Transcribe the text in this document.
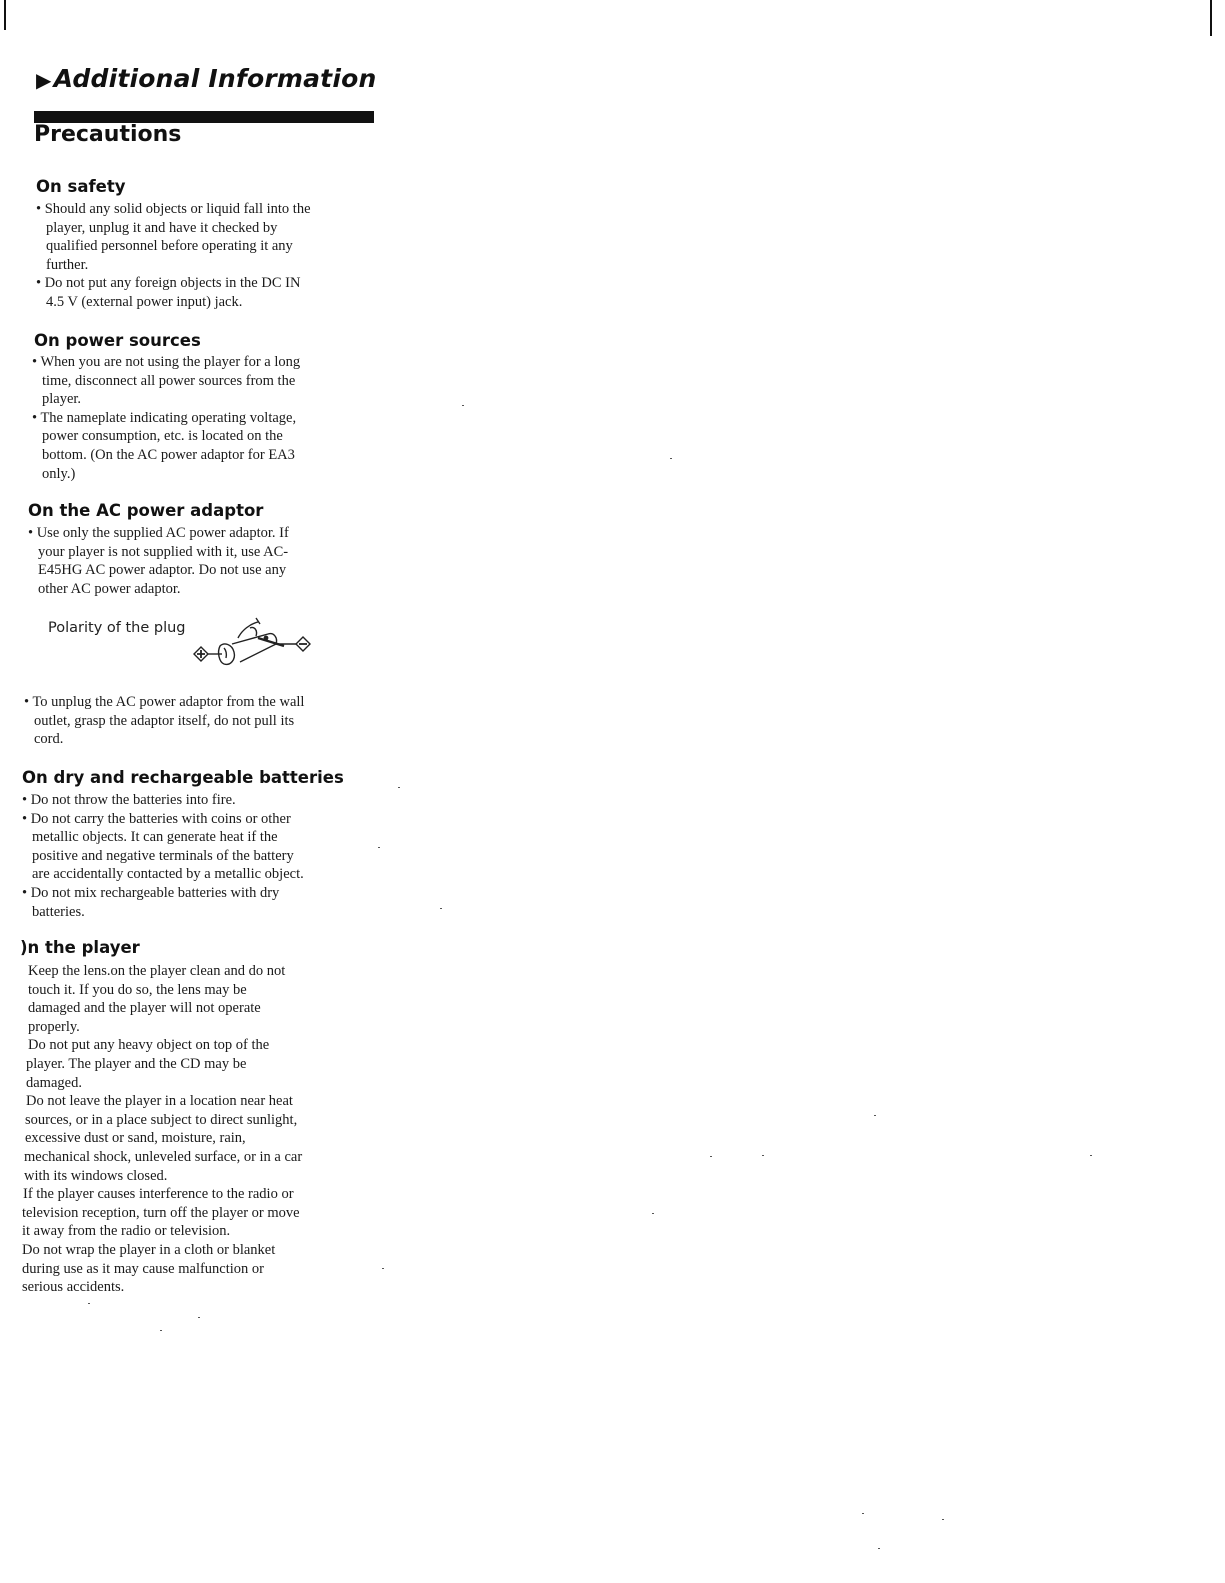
▶Additional Information
Precautions
On safety
• Should any solid objects or liquid fall into the
player, unplug it and have it checked by
qualified personnel before operating it any
further.
• Do not put any foreign objects in the DC IN
4.5 V (external power input) jack.
On power sources
• When you are not using the player for a long
time, disconnect all power sources from the
player.
• The nameplate indicating operating voltage,
power consumption, etc. is located on the
bottom. (On the AC power adaptor for EA3
only.)
On the AC power adaptor
• Use only the supplied AC power adaptor. If
your player is not supplied with it, use AC-
E45HG AC power adaptor. Do not use any
other AC power adaptor.
Polarity of the plug
• To unplug the AC power adaptor from the wall
outlet, grasp the adaptor itself, do not pull its
cord.
On dry and rechargeable batteries
• Do not throw the batteries into fire.
• Do not carry the batteries with coins or other
metallic objects. It can generate heat if the
positive and negative terminals of the battery
are accidentally contacted by a metallic object.
• Do not mix rechargeable batteries with dry
batteries.
)n the player
Keep the lens.on the player clean and do not
touch it. If you do so, the lens may be
damaged and the player will not operate
properly.
Do not put any heavy object on top of the
player. The player and the CD may be
damaged.
Do not leave the player in a location near heat
sources, or in a place subject to direct sunlight,
excessive dust or sand, moisture, rain,
mechanical shock, unleveled surface, or in a car
with its windows closed.
If the player causes interference to the radio or
television reception, turn off the player or move
it away from the radio or television.
Do not wrap the player in a cloth or blanket
during use as it may cause malfunction or
serious accidents.
